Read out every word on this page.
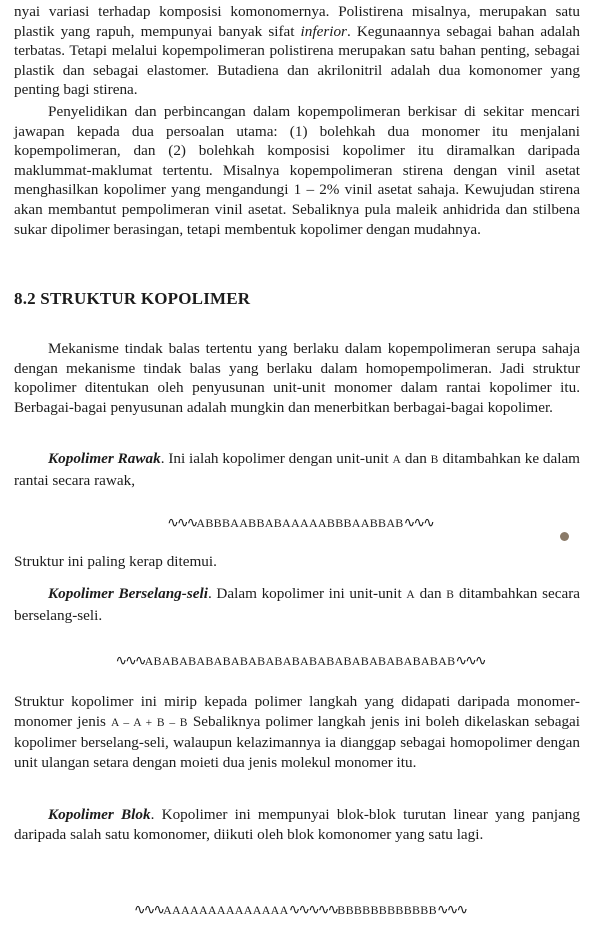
nyai variasi terhadap komposisi komonomernya. Polistirena misalnya, merupakan satu plastik yang rapuh, mempunyai banyak sifat inferior. Kegunaannya sebagai bahan adalah terbatas. Tetapi melalui kopempolimeran polistirena merupakan satu bahan penting, sebagai plastik dan sebagai elastomer. Butadiena dan akrilonitril adalah dua komonomer yang penting bagi stirena.

Penyelidikan dan perbincangan dalam kopempolimeran berkisar di sekitar mencari jawapan kepada dua persoalan utama: (1) bolehkah dua monomer itu menjalani kopempolimeran, dan (2) bolehkah komposisi kopolimer itu diramalkan daripada maklummat-maklumat tertentu. Misalnya kopempolimeran stirena dengan vinil asetat menghasilkan kopolimer yang mengandungi 1 – 2% vinil asetat sahaja. Kewujudan stirena akan membantut pempolimeran vinil asetat. Sebaliknya pula maleik anhidrida dan stilbena sukar dipolimer berasingan, tetapi membentuk kopolimer dengan mudahnya.

8.2 STRUKTUR KOPOLIMER

Mekanisme tindak balas tertentu yang berlaku dalam kopempolimeran serupa sahaja dengan mekanisme tindak balas yang berlaku dalam homopempolimeran. Jadi struktur kopolimer ditentukan oleh penyusunan unit-unit monomer dalam rantai kopolimer itu. Berbagai-bagai penyusunan adalah mungkin dan menerbitkan berbagai-bagai kopolimer.

Kopolimer Rawak. Ini ialah kopolimer dengan unit-unit A dan B ditambahkan ke dalam rantai secara rawak,

∿∿∿ABBBAABBABAAAAABBBAABBAB∿∿∿

Struktur ini paling kerap ditemui.

Kopolimer Berselang-seli. Dalam kopolimer ini unit-unit A dan B ditambahkan secara berselang-seli.

∿∿∿ABABABABABABABABABABABABABABABABABAB∿∿∿

Struktur kopolimer ini mirip kepada polimer langkah yang didapati daripada monomer-monomer jenis A – A + B – B Sebaliknya polimer langkah jenis ini boleh dikelaskan sebagai kopolimer berselang-seli, walaupun kelazimannya ia dianggap sebagai homopolimer dengan unit ulangan setara dengan moieti dua jenis molekul monomer itu.

Kopolimer Blok. Kopolimer ini mempunyai blok-blok turutan linear yang panjang daripada salah satu komonomer, diikuti oleh blok komonomer yang satu lagi.

∿∿∿AAAAAAAAAAAAAA∿∿∿∿∿BBBBBBBBBBBB∿∿∿
